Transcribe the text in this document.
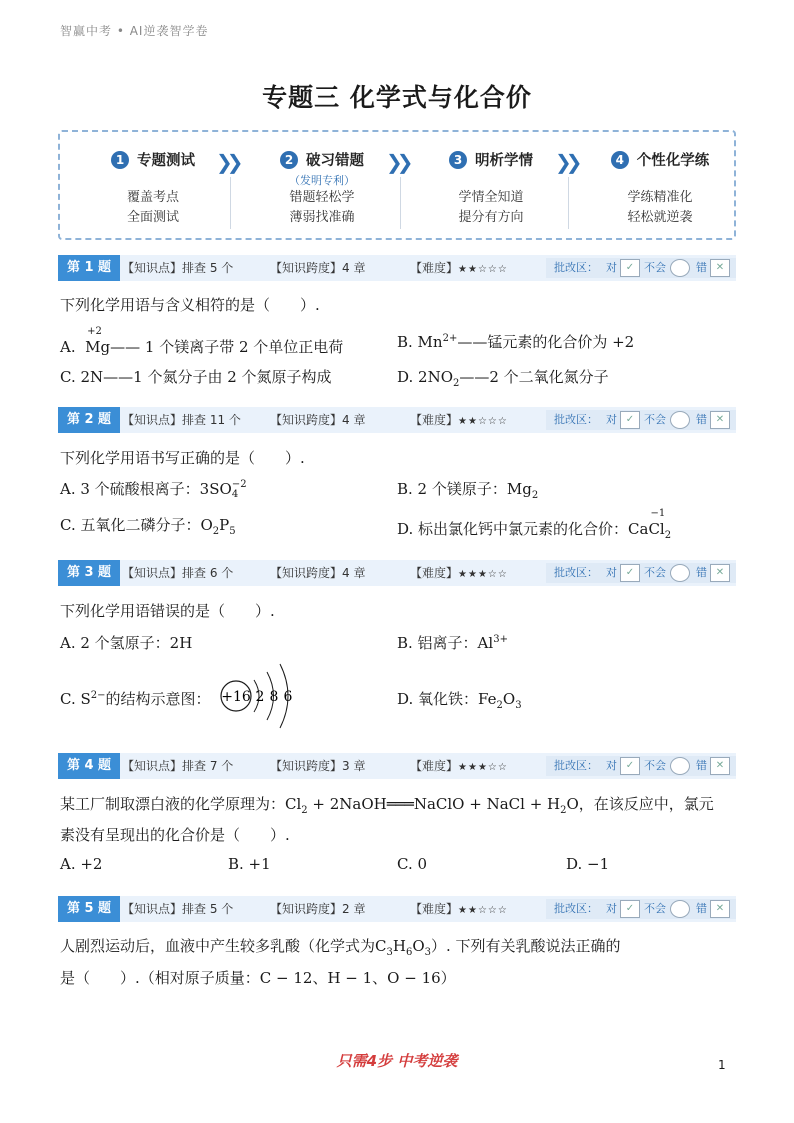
智赢中考 • AI逆袭智学卷
专题三 化学式与化合价
1 专题测试
覆盖考点
全面测试
❯❯	2 破习错题
（发明专利）
错题轻松学
薄弱找准确
❯❯	3 明析学情
学情全知道
提分有方向
❯❯	4 个性化学练
学练精准化
轻松就逆袭
第 1 题 【知识点】排查 5 个	【知识跨度】4 章	【难度】★★☆☆☆	批改区： 对 ✓ 不会	错 ✕
下列化学用语与含义相符的是（　　）.
A.
+2
Mg—— 1 个镁离子带 2 个单位正电荷	B. $Mn^{2+}——$锰元素的化合价为 +2
C. 2N——1 个氮分子由 2 个氮原子构成	D. $2NO_2——2$ 个二氧化氮分子
第 2 题 【知识点】排查 11 个 【知识跨度】4 章	【难度】★★☆☆☆	批改区： 对 ✓ 不会	错 ✕
下列化学用语书写正确的是（　　）.
A. 3 个硫酸根离子：3SO −2
4	B. 2 个镁原子：$Mg_2$
C. 五氧化二磷分子：$O_2P_5$	D. 标出氯化钙中氯元素的化合价：Ca
−1
$Cl_2$
第 3 题 【知识点】排查 6 个	【知识跨度】4 章	【难度】★★★☆☆	批改区： 对 ✓ 不会	错 ✕
下列化学用语错误的是（　　）.
A. 2 个氢原子：2H	B. 铝离子：$Al^{3+}$
C. $S^{2-}$的结构示意图： +16 2 8 6	D. 氧化铁：$Fe_2O_3$
第 4 题 【知识点】排查 7 个	【知识跨度】3 章	【难度】★★★☆☆	批改区： 对 ✓ 不会	错 ✕
某工厂制取漂白液的化学原理为：$Cl_2$ + 2NaOH═══NaClO + NaCl + $H_2O$，在该反应中，氯元
素没有呈现出的化合价是（　　）.
A. +2	B. +1	C. 0	D. −1
第 5 题 【知识点】排查 5 个	【知识跨度】2 章	【难度】★★☆☆☆	批改区： 对 ✓ 不会	错 ✕
人剧烈运动后，血液中产生较多乳酸（化学式为$C_3H_6O_3$）. 下列有关乳酸说法正确的
是（　　）.（相对原子质量：C − 12、H − 1、O − 16）
只需4步 中考逆袭	1
